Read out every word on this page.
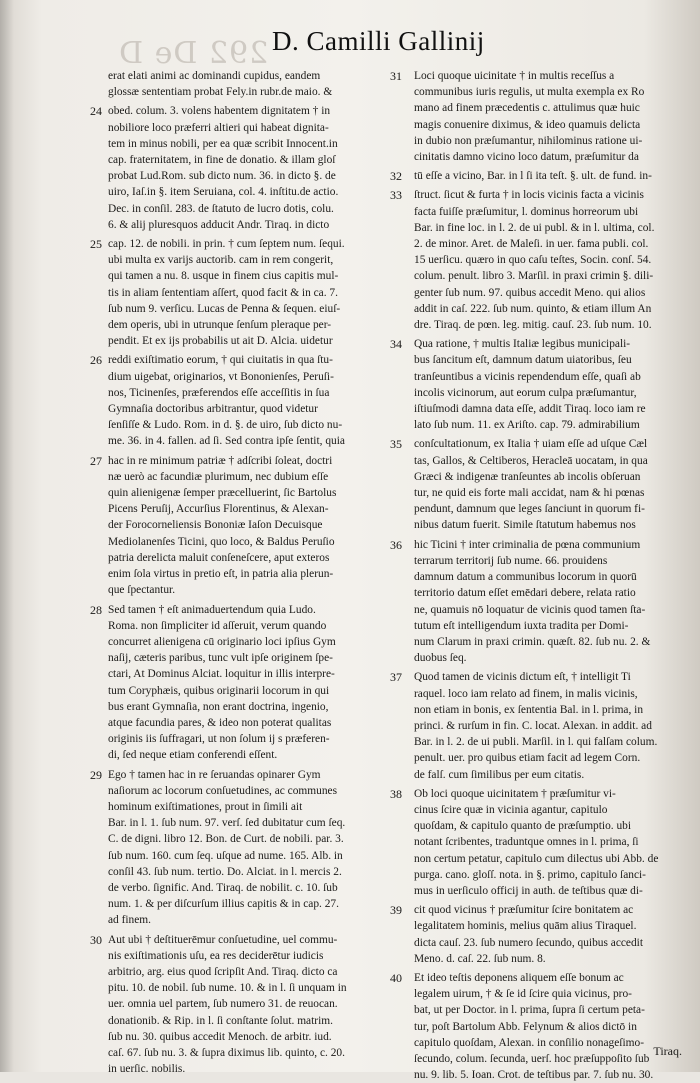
292 De D D. Camilli Gallinij
erat elati animi ac dominandi cupidus, eandem
glossæ sententiam probat Fely.in rubr.de maio. &
24 obed. colum. 3. volens habentem dignitatem † in
nobiliore loco præferri altieri qui habeat dignita-
tem in minus nobili, per ea quæ scribit Innocent.in
cap. fraternitatem, in fine de donatio. & illam gloſ
probat Lud.Rom. sub dicto num. 36. in dicto §. de
uiro, Iaſ.in §. item Seruiana, col. 4. inſtitu.de actio.
Dec. in conſil. 283. de ſtatuto de lucro dotis, colu.
6. & alij pluresquos adducit Andr. Tiraq. in dicto
25 cap. 12. de nobili. in prin. † cum ſeptem num. ſequi.
ubi multa ex varijs auctorib. cam in rem congerit,
qui tamen a nu. 8. usque in finem cius capitis mul-
tis in aliam ſententiam aſſert, quod facit & in ca. 7.
ſub num 9. verſicu. Lucas de Penna & ſequen. eiuſ-
dem operis, ubi in utrunque ſenſum pleraque per-
pendit. Et ex ijs probabilis ut ait D. Alcia. uidetur
26 reddi exiſtimatio eorum, † qui ciuitatis in qua ſtu-
dium uigebat, originarios, vt Bononienſes, Peruſi-
nos, Ticinenſes, præferendos eſſe acceſſitis in ſua
Gymnaſia doctoribus arbitrantur, quod videtur
ſenſiſſe & Ludo. Rom. in d. §. de uiro, ſub dicto nu-
me. 36. in 4. fallen. ad ſi. Sed contra ipſe ſentit, quia
27 hac in re minimum patriæ † adſcribi ſoleat, doctri
næ uerò ac facundiæ plurimum, nec dubium eſſe
quin alienigenæ ſemper præcelluerint, ſic Bartolus
Picens Peruſij, Accurſius Florentinus, & Alexan-
der Forocorneliensis Bononiæ Iaſon Decuisque
Mediolanenſes Ticini, quo loco, & Baldus Peruſio
patria derelicta maluit conſeneſcere, aput exteros
enim ſola virtus in pretio eſt, in patria alia plerun-
que ſpectantur.
28 Sed tamen † eſt animaduertendum quia Ludo.
Roma. non ſimpliciter id aſſeruit, verum quando
concurret alienigena cū originario loci ipſius Gym
naſij, cæteris paribus, tunc vult ipſe originem ſpe-
ctari, At Dominus Alciat. loquitur in illis interpre-
tum Coryphæis, quibus originarii locorum in qui
bus erant Gymnaſia, non erant doctrina, ingenio,
atque facundia pares, & ideo non poterat qualitas
originis iis ſuffragari, ut non ſolum ij s præferen-
di, ſed neque etiam conferendi eſſent.
29 Ego † tamen hac in re ſeruandas opinarer Gym
naſiorum ac locorum conſuetudines, ac communes
hominum exiſtimationes, prout in ſimili ait
Bar. in l. 1. ſub num. 97. verſ. ſed dubitatur cum ſeq.
C. de digni. libro 12. Bon. de Curt. de nobili. par. 3.
ſub num. 160. cum ſeq. uſque ad nume. 165. Alb. in
conſil 43. ſub num. tertio. Do. Alciat. in l. mercis 2.
de verbo. ſignific. And. Tiraq. de nobilit. c. 10. ſub
num. 1. & per diſcurſum illius capitis & in cap. 27.
ad finem.
30 Aut ubi † deſtituerēmur conſuetudine, uel commu-
nis exiſtimationis uſu, ea res deciderētur iudicis
arbitrio, arg. eius quod ſcripſit And. Tiraq. dicto ca
pitu. 10. de nobil. ſub nume. 10. & in l. ſi unquam in
uer. omnia uel partem, ſub numero 31. de reuocan.
donationib. & Rip. in l. ſi conſtante ſolut. matrim.
ſub nu. 30. quibus accedit Menoch. de arbitr. iud.
caſ. 67. ſub nu. 3. & ſupra diximus lib. quinto, c. 20.
in uerſic. nobilis.
31 Loci quoque uicinitate † in multis receſſus a
communibus iuris regulis, ut multa exempla ex Ro
mano ad finem præcedentis c. attulimus quæ huic
magis conuenire diximus, & ideo quamuis delicta
in dubio non præſumantur, nihilominus ratione ui-
cinitatis damno vicino loco datum, præſumitur da
32 tū eſſe a vicino, Bar. in l ſi ita teſt. §. ult. de fund. in-
33 ſtruct. ſicut & furta † in locis vicinis facta a vicinis
facta fuiſſe præſumitur, l. dominus horreorum ubi
Bar. in fine loc. in l. 2. de ui publ. & in l. ultima, col.
2. de minor. Aret. de Maleſi. in uer. fama publi. col.
15 uerſicu. quæro in quo caſu teſtes, Socin. conſ. 54.
colum. penult. libro 3. Marſil. in praxi crimin §. dili-
genter ſub num. 97. quibus accedit Meno. qui alios
addit in caſ. 222. ſub num. quinto, & etiam illum An
dre. Tiraq. de pœn. leg. mitig. cauſ. 23. ſub num. 10.
34 Qua ratione, † multis Italiæ legibus municipali-
bus ſancitum eſt, damnum datum uiatoribus, ſeu
tranſeuntibus a vicinis rependendum eſſe, quaſi ab
incolis vicinorum, aut eorum culpa præſumantur,
iſtiuſmodi damna data eſſe, addit Tiraq. loco iam re
lato ſub num. 11. ex Ariſto. cap. 79. admirabilium
35 conſcultationum, ex Italia † uiam eſſe ad uſque Cæl
tas, Gallos, & Celtiberos, Heracleā uocatam, in qua
Græci & indigenæ tranſeuntes ab incolis obſeruan
tur, ne quid eis forte mali accidat, nam & hi pœnas
pendunt, damnum que leges ſanciunt in quorum fi-
nibus datum fuerit. Simile ſtatutum habemus nos
36 hic Ticini † inter criminalia de pœna communium
terrarum territorij ſub nume. 66. prouidens
damnum datum a communibus locorum in quorū
territorio datum eſſet emēdari debere, relata ratio
ne, quamuis nō loquatur de vicinis quod tamen ſta-
tutum eſt intelligendum iuxta tradita per Domi-
num Clarum in praxi crimin. quæſt. 82. ſub nu. 2. &
duobus ſeq.
37 Quod tamen de vicinis dictum eſt, † intelligit Ti
raquel. loco iam relato ad finem, in malis vicinis,
non etiam in bonis, ex ſententia Bal. in l. prima, in
princi. & rurſum in fin. C. locat. Alexan. in addit. ad
Bar. in l. 2. de ui publi. Marſil. in l. qui falſam colum.
penult. uer. pro quibus etiam facit ad legem Corn.
de falſ. cum ſimilibus per eum citatis.
38 Ob loci quoque uicinitatem † præſumitur vi-
cinus ſcire quæ in vicinia agantur, capitulo
quoſdam, & capitulo quanto de præſumptio. ubi
notant ſcribentes, traduntque omnes in l. prima, ſi
non certum petatur, capitulo cum dilectus ubi Abb. de
purga. cano. gloſſ. nota. in §. primo, capitulo ſanci-
mus in uerſiculo officij in auth. de teſtibus quæ di-
39 cit quod vicinus † præſumitur ſcire bonitatem ac
legalitatem hominis, melius quām alius Tiraquel.
dicta cauſ. 23. ſub numero ſecundo, quibus accedit
Meno. d. caſ. 22. ſub num. 8.
40 Et ideo teſtis deponens aliquem eſſe bonum ac
legalem uirum, † & ſe id ſcire quia vicinus, pro-
bat, ut per Doctor. in l. prima, ſupra ſi certum peta-
tur, poſt Bartolum Abb. Felynum & alios dictō in
capitulo quoſdam, Alexan. in conſilio nonageſimo-
ſecundo, colum. ſecunda, uerſ. hoc præſuppoſito ſub
nu. 9. lib. 5. Ioan. Crot. de teſtibus par. 7. ſub nu. 30.
Tiraq.
